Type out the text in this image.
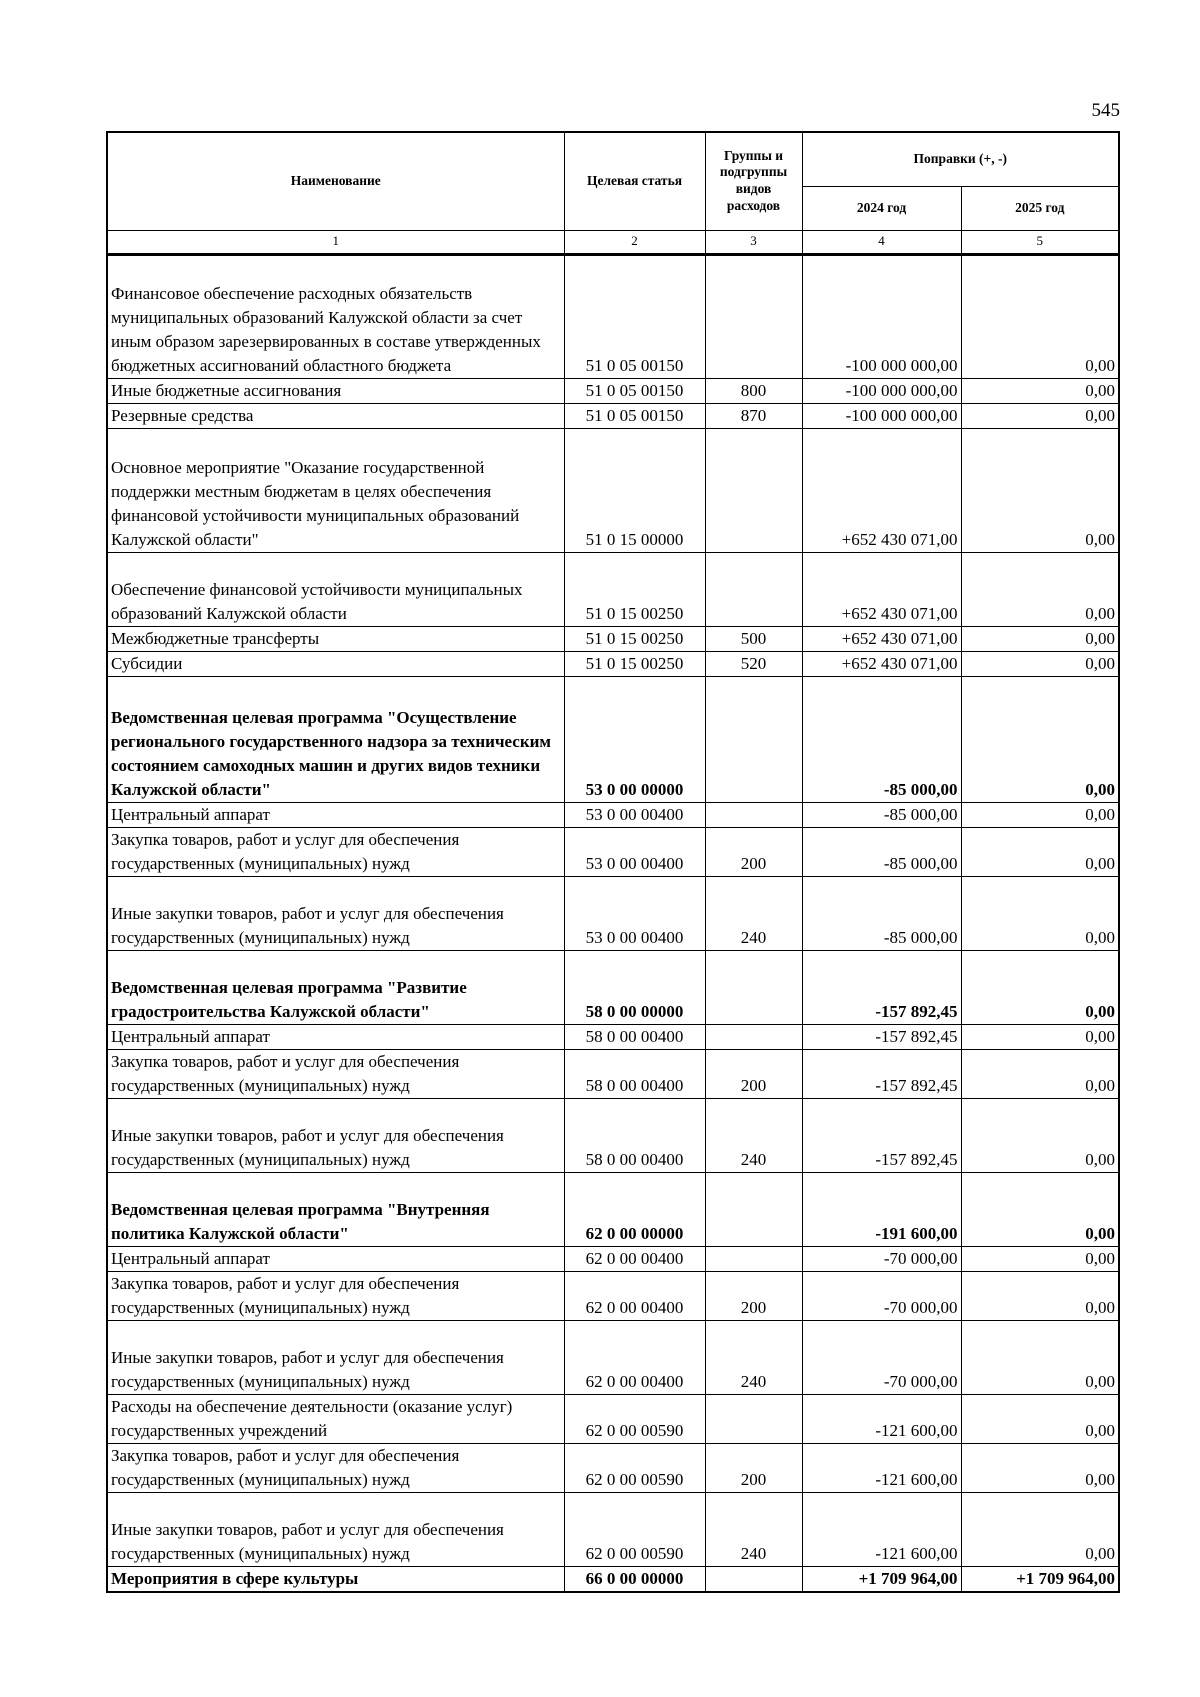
545
Наименование	Целевая статья	Группы и подгруппы видов расходов	Поправки (+, -)	
			2024 год	2025 год
1	2	3	4	5
Финансовое обеспечение расходных обязательств муниципальных образований Калужской области за счет иным образом зарезервированных в составе утвержденных бюджетных ассигнований областного бюджета	51 0 05 00150		-100 000 000,00	0,00
Иные бюджетные ассигнования	51 0 05 00150	800	-100 000 000,00	0,00
Резервные средства	51 0 05 00150	870	-100 000 000,00	0,00
Основное мероприятие "Оказание государственной поддержки местным бюджетам в целях обеспечения финансовой устойчивости муниципальных образований Калужской области"	51 0 15 00000		+652 430 071,00	0,00
Обеспечение финансовой устойчивости муниципальных образований Калужской области	51 0 15 00250		+652 430 071,00	0,00
Межбюджетные трансферты	51 0 15 00250	500	+652 430 071,00	0,00
Субсидии	51 0 15 00250	520	+652 430 071,00	0,00
Ведомственная целевая программа "Осуществление регионального государственного надзора за техническим состоянием самоходных машин и других видов техники Калужской области"	53 0 00 00000		-85 000,00	0,00
Центральный аппарат	53 0 00 00400		-85 000,00	0,00
Закупка товаров, работ и услуг для обеспечения государственных (муниципальных) нужд	53 0 00 00400	200	-85 000,00	0,00
Иные закупки товаров, работ и услуг для обеспечения государственных (муниципальных) нужд	53 0 00 00400	240	-85 000,00	0,00
Ведомственная целевая программа "Развитие градостроительства Калужской области"	58 0 00 00000		-157 892,45	0,00
Центральный аппарат	58 0 00 00400		-157 892,45	0,00
Закупка товаров, работ и услуг для обеспечения государственных (муниципальных) нужд	58 0 00 00400	200	-157 892,45	0,00
Иные закупки товаров, работ и услуг для обеспечения государственных (муниципальных) нужд	58 0 00 00400	240	-157 892,45	0,00
Ведомственная целевая программа "Внутренняя политика Калужской области"	62 0 00 00000		-191 600,00	0,00
Центральный аппарат	62 0 00 00400		-70 000,00	0,00
Закупка товаров, работ и услуг для обеспечения государственных (муниципальных) нужд	62 0 00 00400	200	-70 000,00	0,00
Иные закупки товаров, работ и услуг для обеспечения государственных (муниципальных) нужд	62 0 00 00400	240	-70 000,00	0,00
Расходы на обеспечение деятельности (оказание услуг) государственных учреждений	62 0 00 00590		-121 600,00	0,00
Закупка товаров, работ и услуг для обеспечения государственных (муниципальных) нужд	62 0 00 00590	200	-121 600,00	0,00
Иные закупки товаров, работ и услуг для обеспечения государственных (муниципальных) нужд	62 0 00 00590	240	-121 600,00	0,00
Мероприятия в сфере культуры	66 0 00 00000		+1 709 964,00	+1 709 964,00
